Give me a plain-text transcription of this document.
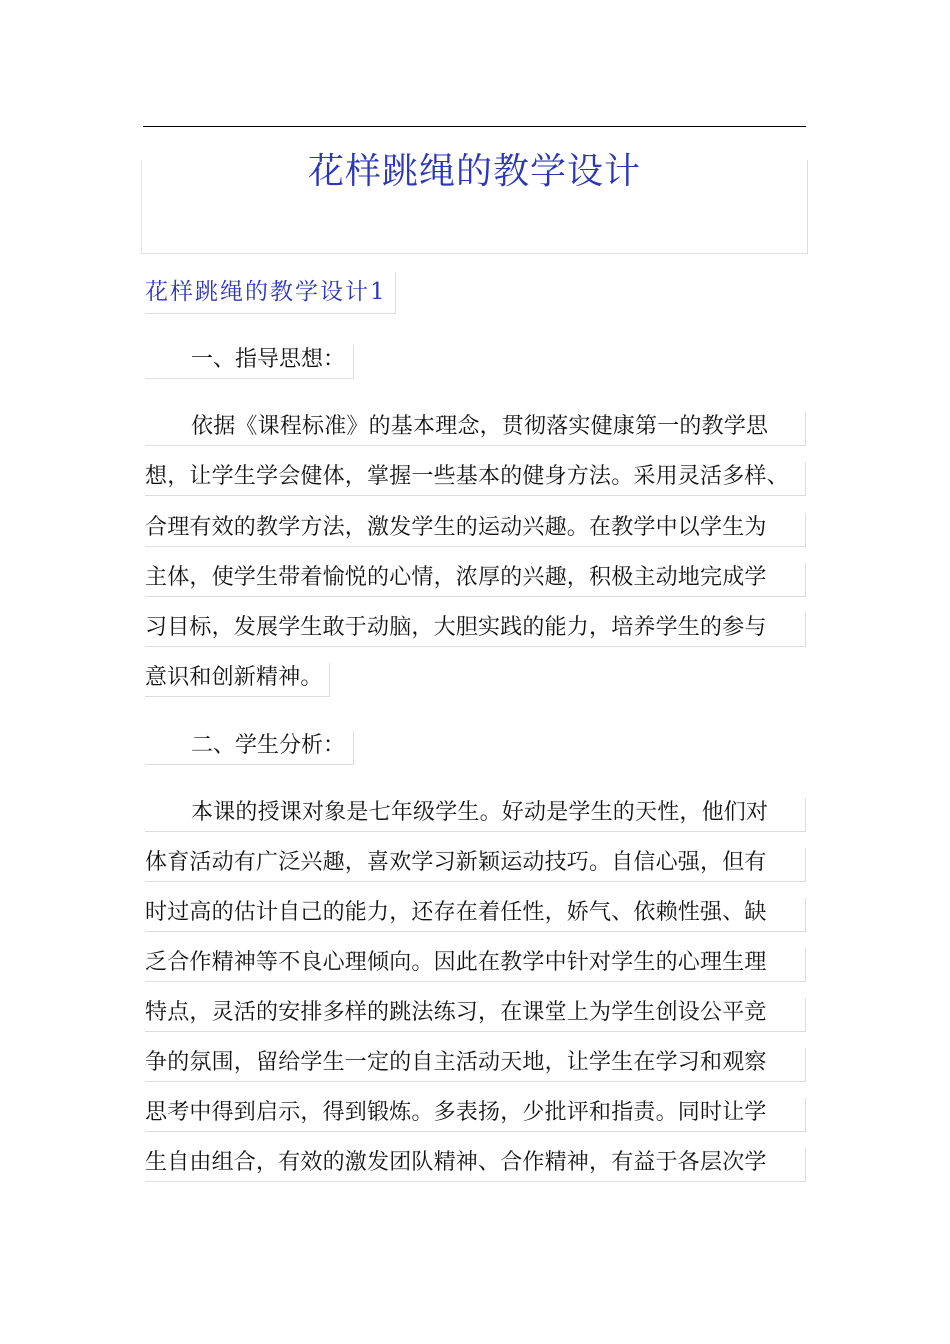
花样跳绳的教学设计
花样跳绳的教学设计1
一、指导思想：
依据《课程标准》的基本理念，贯彻落实健康第一的教学思
想，让学生学会健体，掌握一些基本的健身方法。采用灵活多样、
合理有效的教学方法，激发学生的运动兴趣。在教学中以学生为
主体，使学生带着愉悦的心情，浓厚的兴趣，积极主动地完成学
习目标，发展学生敢于动脑，大胆实践的能力，培养学生的参与
意识和创新精神。
二、学生分析：
本课的授课对象是七年级学生。好动是学生的天性，他们对
体育活动有广泛兴趣，喜欢学习新颖运动技巧。自信心强，但有
时过高的估计自己的能力，还存在着任性，娇气、依赖性强、缺
乏合作精神等不良心理倾向。因此在教学中针对学生的心理生理
特点，灵活的安排多样的跳法练习，在课堂上为学生创设公平竞
争的氛围，留给学生一定的自主活动天地，让学生在学习和观察
思考中得到启示，得到锻炼。多表扬，少批评和指责。同时让学
生自由组合，有效的激发团队精神、合作精神，有益于各层次学
